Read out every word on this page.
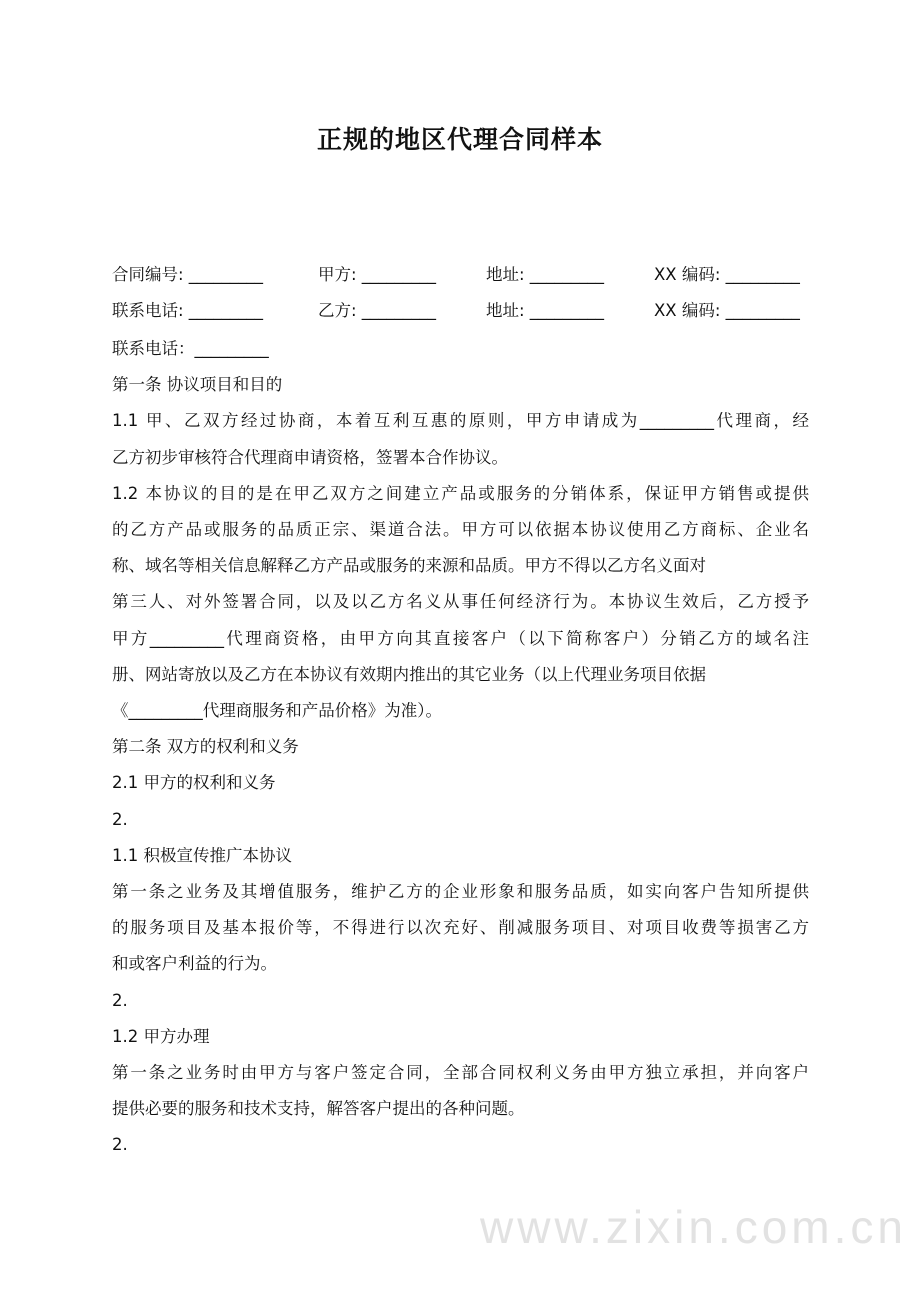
www.zixin.com.cn
正规的地区代理合同样本
合同编号: _________	甲方: _________	地址: _________	XX 编码: _________
联系电话: _________	乙方: _________	地址: _________	XX 编码: _________
联系电话：_________
第一条 协议项目和目的
1.1 甲、乙双方经过协商，本着互利互惠的原则，甲方申请成为_________代理商，经
乙方初步审核符合代理商申请资格，签署本合作协议。
1.2 本协议的目的是在甲乙双方之间建立产品或服务的分销体系，保证甲方销售或提供
的乙方产品或服务的品质正宗、渠道合法。甲方可以依据本协议使用乙方商标、企业名
称、域名等相关信息解释乙方产品或服务的来源和品质。甲方不得以乙方名义面对
第三人、对外签署合同，以及以乙方名义从事任何经济行为。本协议生效后，乙方授予
甲方_________代理商资格，由甲方向其直接客户（以下简称客户）分销乙方的域名注
册、网站寄放以及乙方在本协议有效期内推出的其它业务（以上代理业务项目依据
《_________代理商服务和产品价格》为准）。
第二条 双方的权利和义务
2.1 甲方的权利和义务
2.
1.1 积极宣传推广本协议
第一条之业务及其增值服务，维护乙方的企业形象和服务品质，如实向客户告知所提供
的服务项目及基本报价等，不得进行以次充好、削减服务项目、对项目收费等损害乙方
和或客户利益的行为。
2.
1.2 甲方办理
第一条之业务时由甲方与客户签定合同，全部合同权利义务由甲方独立承担，并向客户
提供必要的服务和技术支持，解答客户提出的各种问题。
2.
